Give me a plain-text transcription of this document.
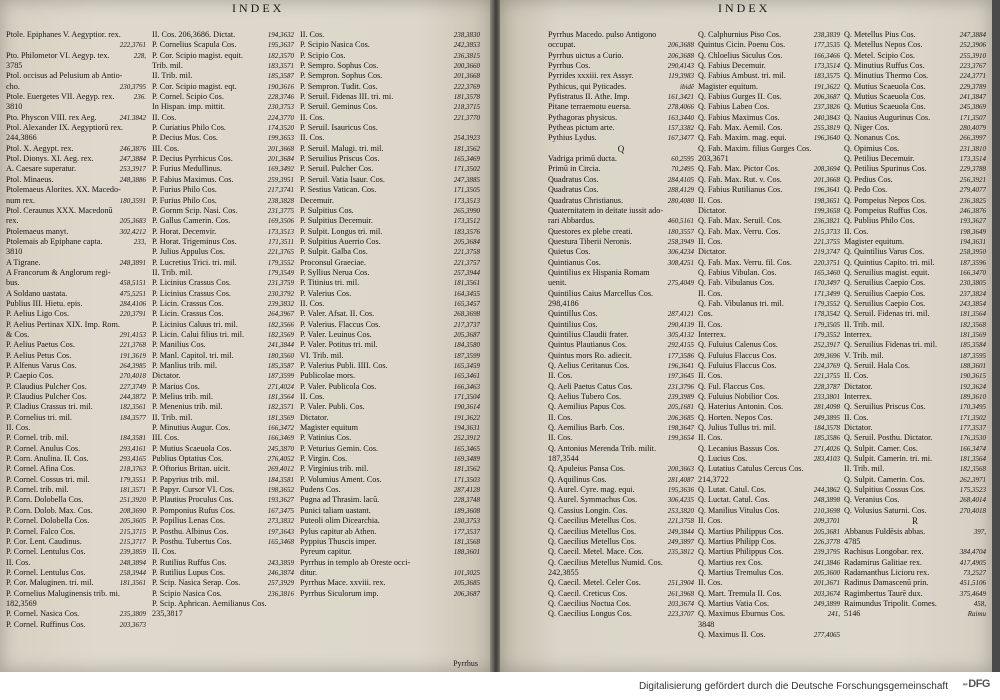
INDEX
Ptole. Epiphanes V. Aegyptior. rex.
222,3761
Pto. Philometor VI. Aegyp. tex.	228,
3785
Ptol. occisus ad Pelusium ab Antio-
cho.	230,3795
Ptole. Euergetes VII. Aegyp. rex.	236.
3810
Pto. Physcon VIII. rex Aeg.	241.3842
Ptol. Alexander IX. Aegyptiorū rex.
244,3866
Ptol. X. Aegypt. rex.	246,3876
Ptol. Dionys. XI. Aeg. rex.	247,3884
A. Caesare superatur.	253,3917
Ptol. Minaeus.	248,3886
Ptolemaeus Alorites. XX. Macedo-
num rex.	180,3591
Ptol. Ceraunus XXX. Macedonū
rex.	205,3683
Ptolemaeus manyt.	302,4212
Ptolemais ab Epiphane capta.	233,
3810
A Tigrane.	248,3891
A Francorum & Anglorum regi-
bus.	458,5151
A Soldano uastata.	475,5251
Publius III. Hietu. epis.	284,4106
P. Aelius Ligo Cos.	220,3791
P. Aelius Pertinax XIX. Imp. Rom.
& Cos.	291,4153
P. Aelius Paetus Cos.	221,3768
P. Aelius Petus Cos.	191,3619
P. Alfenus Varus Cos.	264,3985
P. Caepio Cos.	270,4018
P. Claudius Pulcher Cos.	227,3749
P. Claudius Pulcher Cos.	244,3872
P. Cladius Crassus tri. mil.	182,3561
P. Cornelius tri. mil.	184,3577
II. Cos.
P. Cornel. trib. mil.	184,3581
P. Cornel. Anulus Cos.	293,4161
P. Corn. Anulina. II. Cos.	293,4165
P. Cornel. Afina Cos.	218,3763
P. Cornel. Cossus tri. mil.	179,3551
P. Cornel. trib. mil.	181,3571
P. Corn. Dolobella Cos.	251,3920
P. Corn. Dolob. Max. Cos.	208,3690
P. Cornel. Dolobella Cos.	205,3605
P. Cornel. Falco Cos.	215,3715
P. Cor. Lent. Caudinus.	215,3717
P. Cornel. Lentulus Cos.	239,3859
II. Cos.	248,3894
P. Cornel. Lentulus Cos.	258,3944
P. Cor. Maluginen. tri. mil.	181,3561
P. Cornelius Maluginensis trib. mi.
182,3569
P. Cornel. Nasica Cos.	235,3809
P. Cornel. Ruffinus Cos.	203,3673
II. Cos. 206,3686. Dictat.	194,3632
P. Cornelius Scapula Cos.	195,3637
P. Cor. Scipio magist. equit.	182,3570
Trib. mil.	183,3571
II. Trib. mil.	185,3587
P. Cor. Scipio magist. eqt.	190,3616
P. Cornel. Scipio Cos.	228,3746
In Hispan. imp. mittit.	230,3753
II. Cos.	224,3770
P. Curiatius Philo Cos.	174,3520
P. Decius Mus. Cos.	199,3653
III. Cos.	201,3668
P. Decius Pyrrhicus Cos.	201,3684
P. Furius Medullinus.	169,3492
P. Fabius Maximus. Cos.	259,3951
P. Furius Philo Cos.	217,3741
P. Furius Philo Cos.	238,3828
P. Gornm Scip. Nasi. Cos.	231,3775
P. Gallus Camerin. Cos.	169,3506
P. Horat. Decemvir.	173,3513
P. Horat. Trigeminus Cos.	171,3511
P. Julius Appulus Cos.	221,3765
P. Lucretius Trici. tri. mil.	179,3552
II. Trib. mil.	179,3549
P. Licinius Crassus Cos.	231,3759
P. Licinius Crassus Cos.	230,3792
P. Licin. Crassus Cos.	239,3832
P. Licin. Crassus Cos.	264,3967
P. Licinius Caluus tri. mil.	182,3566
P. Licin. Calui filius tri. mil.	182,3569
P. Manilius Cos.	241,3844
P. Manl. Capitol. tri. mil.	180,3560
P. Manlius trib. mil.	185,3587
Dictator.	187,3599
P. Marius Cos.	271,4024
P. Melius trib. mil.	181,3564
P. Menenius trib. mil.	182,3571
II. Trib. mil.	181,3569
P. Minutius Augur. Cos.	166,3472
III. Cos.	166,3469
P. Mutius Scaeuola Cos.	245,3870
Publius Optatius Cos.	276,4052
P. Oftorius Britan. uicit.	269,4012
P. Papyrius trib. mil.	184,3581
P. Papyr. Cursor VI. Cos.	198,3652
P. Plautius Proculus Cos.	193,3627
P. Pomponius Rufus Cos.	167,3475
P. Popilius Lenas Cos.	273,3832
P. Posthu. Albinus Cos.	197,3643
P. Posthu. Tubertus Cos.	165,3468
II. Cos.
P. Rutilius Ruffus Cos.	243,3859
P. Rutilius Lupus Cos.	246,3874
P. Scip. Nasica Serap. Cos.	257,3929
P. Scipio Nasica Cos.	236,3816
P. Scip. Aphrican. Aemilianus Cos.
235,3817
II. Cos.	238,3830
P. Scipio Nasica Cos.	242,3853
P. Scipio Cos.	236,3815
P. Sempro. Sophus Cos.	200,3660
P. Sempron. Sophus Cos.	201,3668
P. Sempron. Tudit. Cos.	222,3769
P. Seruil. Fidenas III. tri. mi.	181,3578
P. Seruil. Geminus Cos.	218,3715
II. Cos.	221,3770
P. Seruil. Isauricus Cos.
II. Cos.	254,3923
P. Seruil. Malugi. tri. mil.	181,3562
P. Seruilius Priscus Cos.	165,3469
P. Seruil. Pulcher Cos.	171,3502
P. Seruil. Vatia Isaur. Cos.	247,3885
P. Sestius Vatican. Cos.	171,3505
Decemuir.	173,3513
P. Sulpitius Cos.	265,3990
P. Sulpitius Decemuir.	173,3512
P. Sulpit. Longus tri. mil.	183,3576
P. Sulpitius Auerrio Cos.	205,3684
P. Sulpit. Galba Cos.	221,3758
Proconsul Graeciae.	221,3757
P. Syllius Nerua Cos.	257,3944
P. Titinius tri. mil.	181,3561
P. Valerius Cos.	164,3455
II. Cos.	165,3457
P. Valer. Afsat. II. Cos.	268,3698
P. Valerius. Flaccus Cos.	217,3737
P. Valer. Leuinus Cos.	205,3687
P. Valer. Potitus tri. mil.	184,3580
VI. Trib. mil.	187,3599
P. Valerius Publi. IIII. Cos.	165,3459
Publicolae mors.	165,3461
P. Valer. Publicola Cos.	166,3463
II. Cos.	171,3504
P. Valer. Publi. Cos.	190,3614
Dictator.	191,3622
Magister equitum	194,3631
P. Vatinius Cos.	252,3912
P. Veturius Gemin. Cos.	165,3465
P. Virgin. Cos.	169,3489
P. Virginius trib. mil.	181,3562
P. Volumius Ament. Cos.	171,3503
Pudens Cos.	287,4128
Pugna ad Thrasim. lacũ.	228,3748
Punici taliam uastant.	189,3608
Puteoli olim Dicearchia.	230,3753
Pylus capitur ab Athen.	177,3537
Pyppius Thuscis imper.	181,3568
Pyreum capitur.	188,3601
Pyrrhus in templo ab Oreste occi-
ditur.	101,3025
Pyrrhus Mace. xxviii. rex.	205,3685
Pyrrhus Siculorum imp.	206,3687
Pyrrhus
INDEX
Pyrrhus Macedo. pulso Antigono
occupat.	206,3688
Pyrrhus uictus a Curio.	206,3688
Pyrrhus Cos.	290,4143
Pyrrides xxxiii. rex Assyr.	119,3983
Pythicus, qui Pyticades.	ibidē
Pyfistratus II. Athe. Imp.	161,3421
Pitane terraemotu euersa.	278,4066
Pythagoras physicus.	163,3440
Pytheas pictum arte.	157,3382
Pythius Lydus.	167,3477
Q
Vadriga primū ducta.	60,2595
Primū in Circia.	70,2495
Quadratus Cos.	284,4105
Quadratus Cos.	288,4129
Quadratus Christianus.	280,4080
Quaternitatem in deitate iussit ado-
rari Abbardus.	460,5161
Questores ex plebe creati.	180,3557
Questura Tiberii Neronis.	258,3949
Quietus Cos.	306,4234
Quintianus Cos.	308,4251
Quintilius ex Hispania Romam
uenit.	275,4049
Quintilius Caius Marcellus Cos.
298,4186
Quintillus Cos.	287,4121
Quintilius Cos.	290,4139
Quintilius Claudii frater.	305,4132
Quintus Plautianus Cos.	292,4155
Quintus mors Ro. adiecit.	177,3586
Q. Aelius Ceritanus Cos.	196,3641
II. Cos.	197,3645
Q. Aeli Paetus Catus Cos.	231,3796
Q. Aelius Tubero Cos.	239,3989
Q. Aemilius Papus Cos.	205,1681
II. Cos.	206,3685
Q. Aemilius Barb. Cos.	198,3647
II. Cos.	199,3654
Q. Antonius Merenda Trib. milit.
187,3544
Q. Apuleius Pansa Cos.	200,3663
Q. Aquilinus Cos.	281,4087
Q. Aurel. Cyre. mag. equi.	195,3636
Q. Aurel. Symmachus Cos.	306,4235
Q. Cassius Longin. Cos.	253,3820
Q. Caecilius Metellus Cos.	221,3758
Q. Caecilius Metellus Cos.	249,3844
Q. Caecilius Metellus Cos.	249,3897
Q. Caecil. Metel. Mace. Cos.	235,3812
Q. Caecilius Metellus Numid. Cos.
242,3855
Q. Caecil. Metel. Celer Cos.	251,3904
Q. Caecil. Creticus Cos.	261,3968
Q. Caecilius Noctua Cos.	203,3674
Q. Caecilius Longus Cos.	223,3707
Q. Calphurnius Piso Cos.	238,3839
Quintus Cicin. Poenu Cos.	177,3535
Q. Chloelius Siculus Cos.	166,3466
Q. Fabius Decemuir.	173,3514
Q. Fabius Ambust. tri. mil.	183,3575
Magister equitum.	191,3622
Q. Fabius Gurges II. Cos.	206,3687
Q. Fabius Labeo Cos.	237,3826
Q. Fabius Maximus Cos.	240,3843
Q. Fab. Max. Aemil. Cos.	255,3819
Q. Fab. Maxim. mag. equi.	196,3640
Q. Fab. Maxim. filius Gurges Cos.
203,3671
Q. Fab. Max. Pictor Cos.	208,3694
Q. Fab. Max. Rut. v. Cos.	201,3668
Q. Fabius Rutilianus Cos.	196,3641
II. Cos.	198,3651
Dictator.	199,3658
Q. Fab. Max. Seruil. Cos.	236,3821
Q. Fab. Max. Verru. Cos.	215,3733
II. Cos.	221,3755
Dictator.	219,3747
Q. Fab. Max. Verru. fil. Cos.	220,3751
Q. Fabius Vibulan. Cos.	165,3460
Q. Fab. Vibulanus Cos.	170,3497
II. Cos.	171,3499
Q. Fab. Vibulanus tri. mil.	179,3552
Cos.	178,3542
II. Cos.	179,3505
Interrex.	179,3552
Q. Fuluius Calenus Cos.	252,3917
Q. Fuluius Flaccus Cos.	209,3696
Q. Fuluius Flaccus Cos.	224,3769
II. Cos.	221,3755
Q. Ful. Flaccus Cos.	228,3787
Q. Fuluius Nobilior Cos.	233,3801
Q. Haterius Antonin. Cos.	281,4098
Q. Horten. Nepos Cos.	249,3895
Q. Julius Tullus tri. mil.	184,3578
II. Cos.	185,3586
Q. Lecanius Bassus Cos.	271,4026
Q. Lucius Cos.	283,4103
Q. Lutatius Catulus Cercus Cos.
214,3722
Q. Lutat. Catul. Cos.	244,3862
Q. Luctat. Catul. Cos.	248,3898
Q. Manilius Vitulus Cos.	210,3698
II. Cos.	209,3701
Q. Martius Philippus Cos.	205,3681
Q. Martius Philipp Cos.	226,3778
Q. Martius Philippus Cos.	239,3795
Q. Martius rex Cos.	241,3846
Q. Martius Tremulus Cos.	205,3600
II. Cos.	201,3671
Q. Mart. Tremula II. Cos.	203,3674
Q. Martius Vatia Cos.	249,3899
Q. Maximus Eburnus Cos.	241,
3848
Q. Maximus II. Cos.	277,4065
Q. Metellus Pius Cos.	247,3884
Q. Metellus Nepos Cos.	252,3906
Q. Metel. Scipio Cos.	255,3910
Q. Minutius Ruffus Cos.	223,3767
Q. Minutius Thermo Cos.	224,3771
Q. Mutius Scaeuola Cos.	229,3789
Q. Mutius Scaeuola Cos.	241,3847
Q. Mutius Scaeuola Cos.	245,3869
Q. Nauius Augurinus Cos.	171,3507
Q. Niger Cos.	280,4079
Q. Nonanus Cos.	266,3997
Q. Opimius Cos.	231,3810
Q. Petilius Decemuir.	173,3514
Q. Petilius Spurinus Cos.	229,3788
Q. Pedius Cos.	256,3921
Q. Pedo Cos.	279,4077
Q. Pompeius Nepos Cos.	236,3825
Q. Pompeius Ruffus Cos.	246,3876
Q. Publius Philo Cos.	193,3627
II. Cos.	198,3649
Magister equitum.	194,3631
Q. Quintilius Varus Cos.	258,3950
Q. Quintius Capito. tri. mil.	187,3596
Q. Seruilius magist. equit.	166,3470
Q. Seruilius Caepio Cos.	230,3805
Q. Seruilius Caepio Cos.	237,3824
Q. Seruilius Caepio Cos.	243,3854
Q. Seruil. Fidenas tri. mil.	181,3564
II. Trib. mil.	182,3568
Interrex.	181,3569
Q. Seruilius Fidenas tri. mil.	185,3584
V. Trib. mil.	187,3595
Q. Seruil. Hala Cos.	188,3601
II. Cos.	190,3615
Dictator.	192,3624
Interrex.	189,3610
Q. Seruilius Priscus Cos.	170,3495
II. Cos.	171,3502
Dictator.	177,3537
Q. Seruil. Posthu. Dictator.	176,3530
Q. Sulpit. Camer. Cos.	166,3474
Q. Sulpit. Camerin. tri. mi.	181,3564
II. Trib. mil.	182,3568
Q. Sulpit. Camerin. Cos.	262,3971
Q. Sulpitius Cossus Cos.	175,3523
Q. Veranius Cos.	268,4014
Q. Volusius Saturni. Cos.	270,4018
R
Abbanus Fuldēsis abbas.	397,
4785
Rachisus Longobar. rex.	384,4704
Radamirus Galitiae rex.	417,4905
Radamanthus Licioru rex.	73,2527
Radinus Damascenū prin.	451,5106
Ragimbertus Taurē dux.	375,4649
Raimundus Tripolit. Comes.	458,
5146	Raimu
Digitalisierung gefördert durch die Deutsche Forschungsgemeinschaft
••	DFG
